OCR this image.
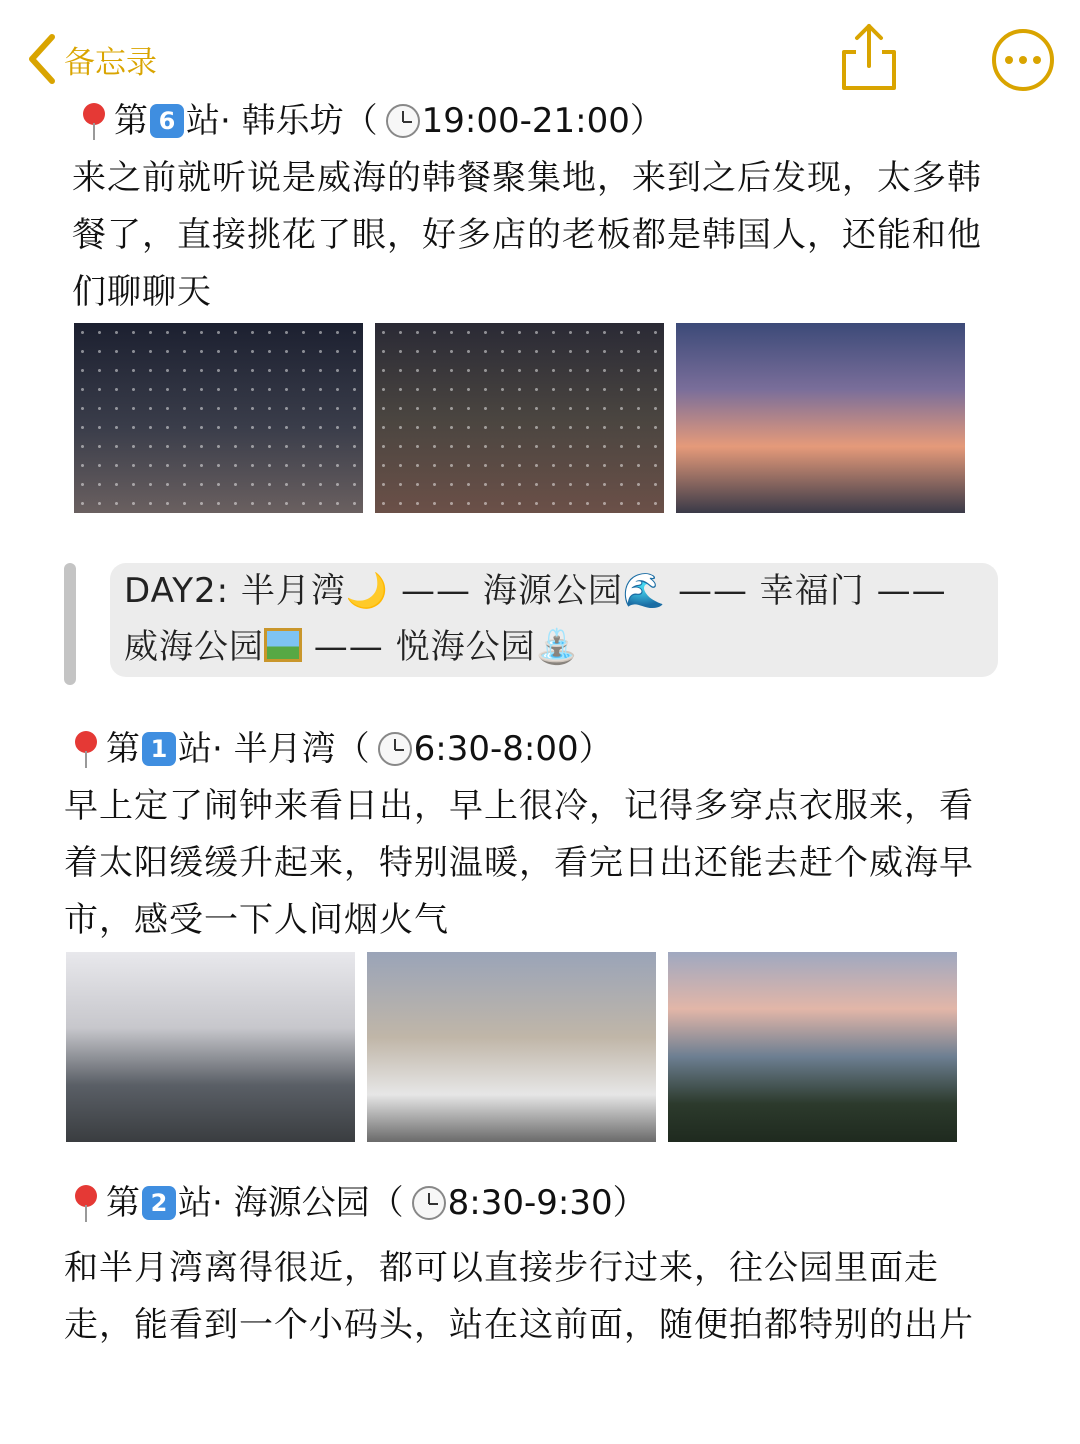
备忘录
第 6 站· 韩乐坊（ 19:00-21:00）
来之前就听说是威海的韩餐聚集地，来到之后发现，太多韩餐了，直接挑花了眼，好多店的老板都是韩国人，还能和他们聊聊天
DAY2: 半月湾🌙 —— 海源公园🌊 —— 幸福门 —— 威海公园 —— 悦海公园⛲
第 1 站· 半月湾（ 6:30-8:00）
早上定了闹钟来看日出，早上很冷，记得多穿点衣服来，看着太阳缓缓升起来，特别温暖，看完日出还能去赶个威海早市，感受一下人间烟火气
第 2 站· 海源公园（ 8:30-9:30）
和半月湾离得很近，都可以直接步行过来，往公园里面走走，能看到一个小码头，站在这前面，随便拍都特别的出片
